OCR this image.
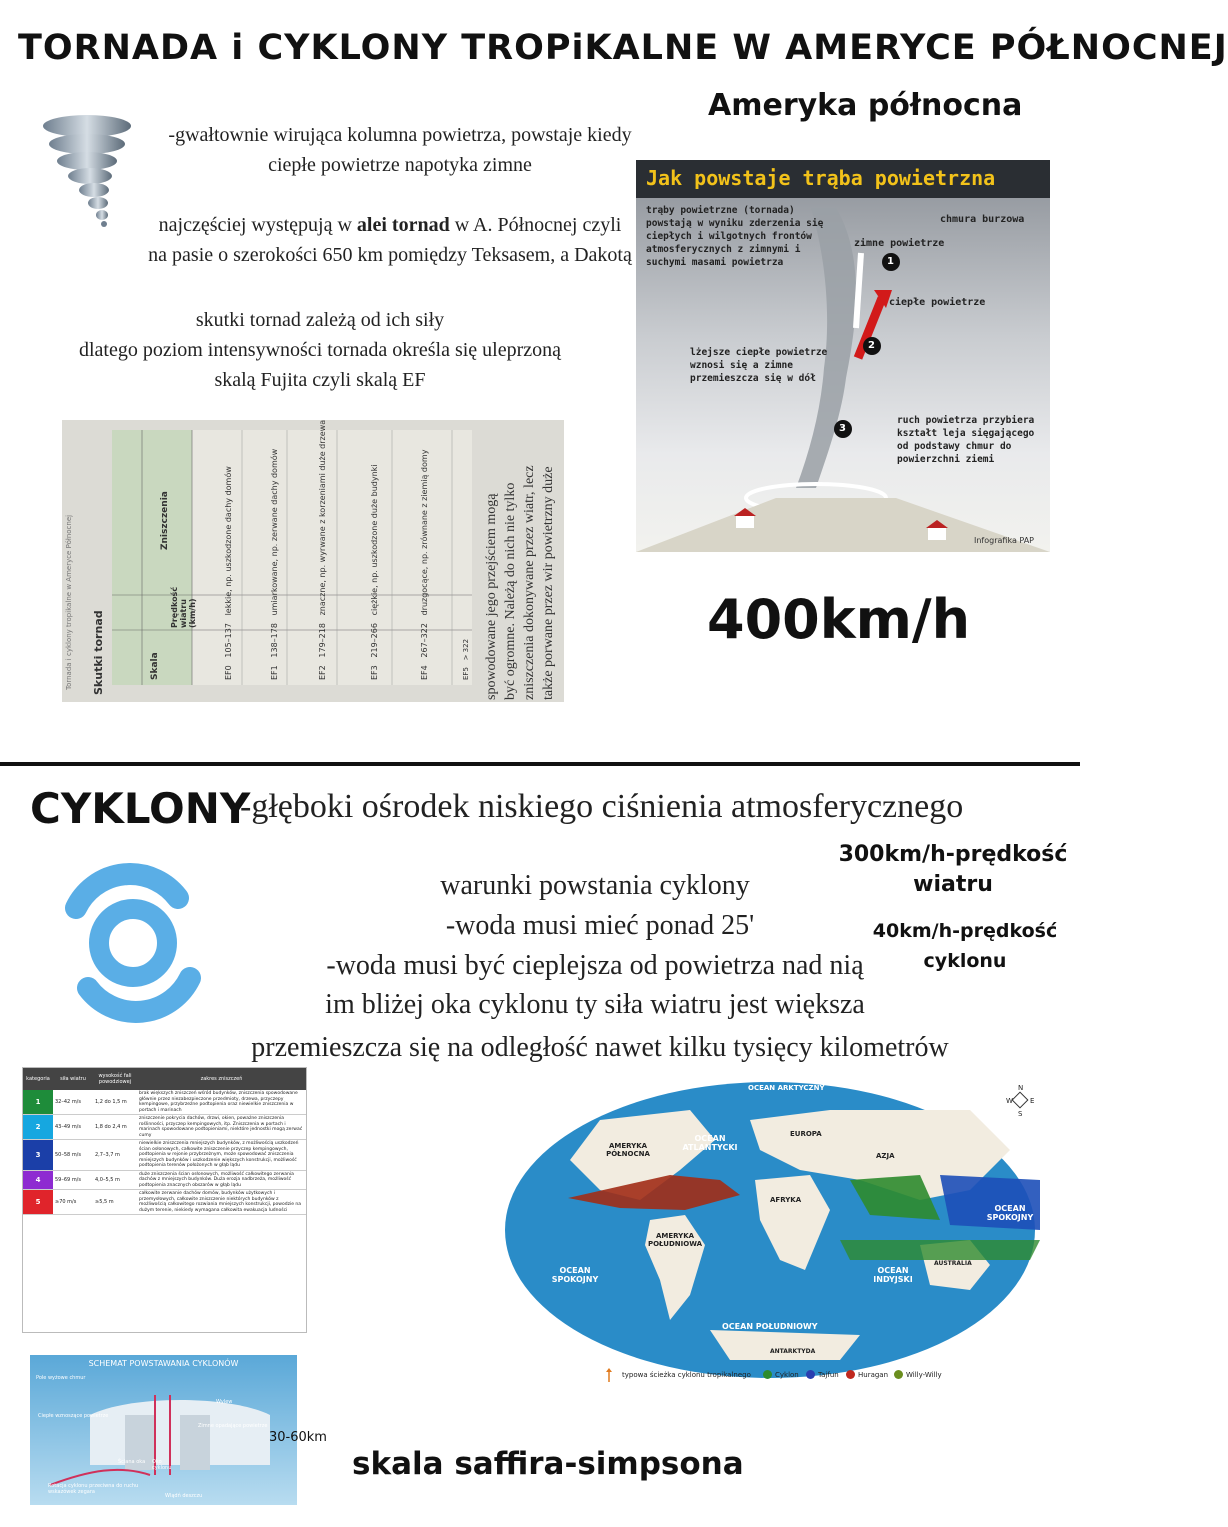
TORNADA i CYKLONY TROPiKALNE W AMERYCE PÓŁNOCNEJ
Ameryka północna
-gwałtownie wirująca kolumna powietrza, powstaje kiedy
ciepłe powietrze napotyka zimne
najczęściej występują w alei tornad w A. Północnej czyli
na pasie o szerokości 650 km pomiędzy Teksasem, a Dakotą
skutki tornad zależą od ich siły
dlatego poziom intensywności tornada określa się uleprzoną
skalą Fujita czyli skalą EF
Tornada i cyklony tropikalne w Ameryce Północnej Skutki tornad	Skala
Prędkość wiatru (km/h)
Zniszczenia
EF0   105–137   lekkie, np. uszkodzone dachy domów
EF1   138–178   umiarkowane, np. zerwane dachy domów
EF2   179–218   znaczne, np. wyrwane z korzeniami duże drzewa
EF3   219–266   ciężkie, np. uszkodzone duże budynki
EF4   267–322   druzgocące, np. zrównane z ziemią domy
EF5   > 322 spowodowane jego przejściem mogą być ogromne. Należą do nich nie tylko zniszczenia dokonywane przez wiatr, lecz także porwane przez wir powietrzny duże
Jak powstaje trąba powietrzna
1
2
3
trąby powietrzne (tornada) powstają w wyniku zderzenia się ciepłych i wilgotnych frontów atmosferycznych z zimnymi i suchymi masami powietrza
chmura burzowa
zimne powietrze
ciepłe powietrze
lżejsze ciepłe powietrze wznosi się a zimne przemieszcza się w dół
ruch powietrza przybiera kształt leja sięgającego od podstawy chmur do powierzchni ziemi
Infografika PAP
400km/h
CYKLONY
-głęboki ośrodek niskiego ciśnienia atmosferycznego
warunki powstania cyklony
-woda musi mieć ponad 25'
-woda musi być cieplejsza od powietrza nad nią
im bliżej oka cyklonu ty siła wiatru jest większa
przemieszcza się na odległość nawet kilku tysięcy kilometrów
300km/h-prędkość wiatru
40km/h-prędkość cyklonu
kategoria	siła wiatru	wysokość fali powodziowej	zakres zniszczeń
1	32–42 m/s	1,2 do 1,5 m	brak większych zniszczeń wśród budynków, zniszczenia spowodowane głównie przez niezabezpieczone przedmioty, drzewa, przyczepy kempingowe, przybrzeżne podtopienia oraz niewielkie zniszczenia w portach i marinach
2	43–49 m/s	1,8 do 2,4 m	zniszczenie pokrycia dachów, drzwi, okien, poważne zniszczenia roślinności, przyczep kempingowych, itp. Zniszczenia w portach i marinach spowodowane podtopieniami, niektóre jednostki mogą zerwać cumy
3	50–58 m/s	2,7–3,7 m	niewielkie zniszczenia mniejszych budynków, z możliwością uszkodzeń ścian osłonowych, całkowite zniszczenie przyczep kempingowych, podtopienia w rejonie przybrzeżnym, może spowodować zniszczenia mniejszych budynków i uszkodzenie większych konstrukcji, możliwość podtopienia terenów położonych w głąb lądu
4	59–69 m/s	4,0–5,5 m	duże zniszczenia ścian osłonowych, możliwość całkowitego zerwania dachów z mniejszych budynków. Duża erozja nadbrzeża, możliwość podtopienia znacznych obszarów w głąb lądu
5	≥70 m/s	≥5,5 m	całkowite zerwanie dachów domów, budynków użytkowych i przemysłowych, całkowite zniszczenie niektórych budynków z możliwością całkowitego rozwiania mniejszych konstrukcji, powodzie na dużym terenie, niekiedy wymagana całkowita ewakuacja ludności
OCEAN ARKTYCZNY
AMERYKA PÓŁNOCNA
OCEAN ATLANTYCKI
EUROPA
AZJA
AFRYKA
AMERYKA POŁUDNIOWA
OCEAN SPOKOJNY
OCEAN SPOKOJNY
OCEAN INDYJSKI
AUSTRALIA
OCEAN POŁUDNIOWY
ANTARKTYDA
N
W E
S
typowa ścieżka cyklonu tropikalnego	Cyklon	Tajfun	Huragan	Willy-Willy
SCHEMAT POWSTAWANIA CYKLONÓW
Pole wyżowe chmur
Ciepłe wznoszące powietrze
Wylew
Zimne opadające powietrze
Ściana oka Oko cyklonu
Rotacja cyklonu przeciwna do ruchu wskazówek zegara
Wlądń deszczu
30-60km
skala saffira-simpsona
